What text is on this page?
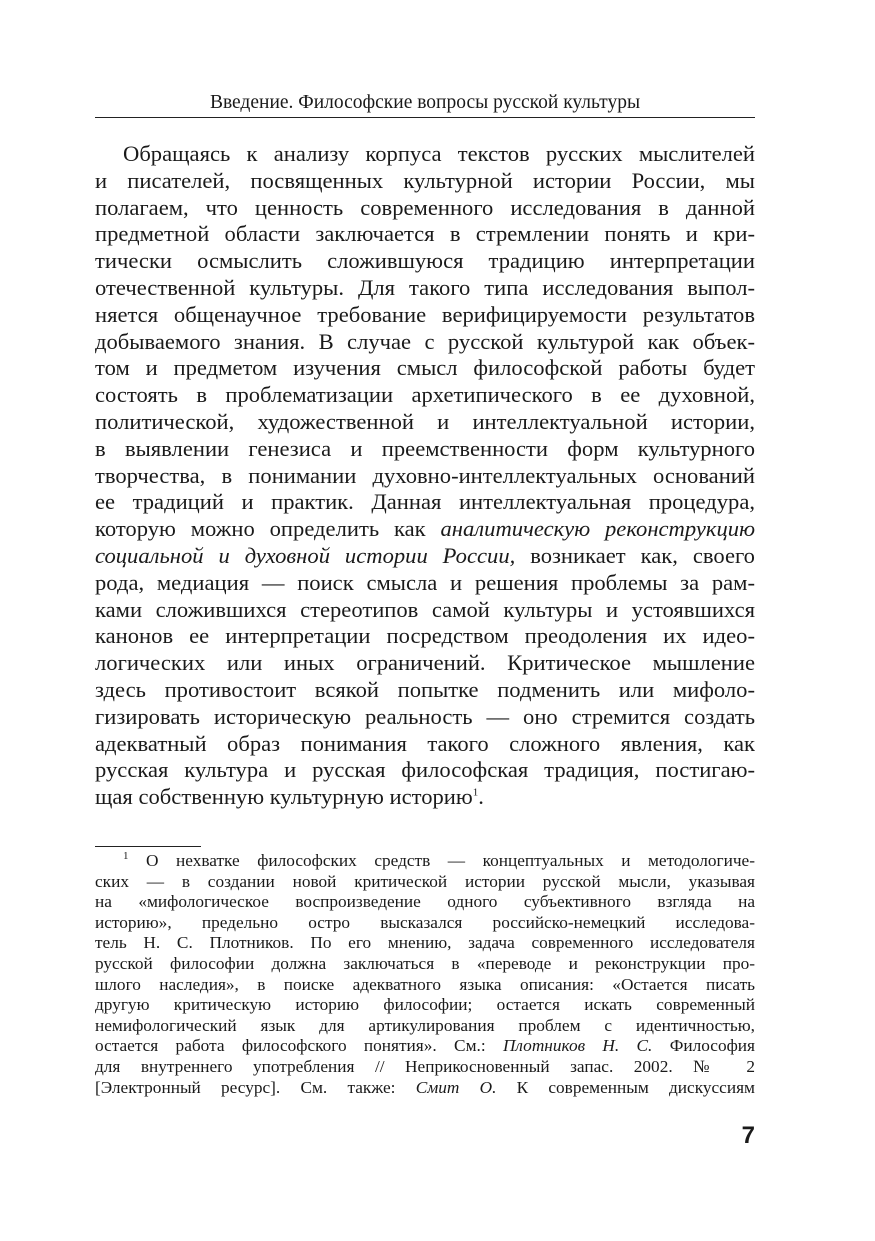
Введение. Философские вопросы русской культуры
Обращаясь к анализу корпуса текстов русских мыслителей
и писателей, посвященных культурной истории России, мы
полагаем, что ценность современного исследования в данной
предметной области заключается в стремлении понять и кри-
тически осмыслить сложившуюся традицию интерпретации
отечественной культуры. Для такого типа исследования выпол-
няется общенаучное требование верифицируемости результатов
добываемого знания. В случае с русской культурой как объек-
том и предметом изучения смысл философской работы будет
состоять в проблематизации архетипического в ее духовной,
политической, художественной и интеллектуальной истории,
в выявлении генезиса и преемственности форм культурного
творчества, в понимании духовно-интеллектуальных оснований
ее традиций и практик. Данная интеллектуальная процедура,
которую можно определить как аналитическую реконструкцию
социальной и духовной истории России, возникает как, своего
рода, медиация — поиск смысла и решения проблемы за рам-
ками сложившихся стереотипов самой культуры и устоявшихся
канонов ее интерпретации посредством преодоления их идео-
логических или иных ограничений. Критическое мышление
здесь противостоит всякой попытке подменить или мифоло-
гизировать историческую реальность — оно стремится создать
адекватный образ понимания такого сложного явления, как
русская культура и русская философская традиция, постигаю-
щая собственную культурную историю$^1$.
$^1$ О нехватке философских средств — концептуальных и методологиче-
ских — в создании новой критической истории русской мысли, указывая
на «мифологическое воспроизведение одного субъективного взгляда на
историю», предельно остро высказался российско-немецкий исследова-
тель Н. С. Плотников. По его мнению, задача современного исследователя
русской философии должна заключаться в «переводе и реконструкции про-
шлого наследия», в поиске адекватного языка описания: «Остается писать
другую критическую историю философии; остается искать современный
немифологический язык для артикулирования проблем с идентичностью,
остается работа философского понятия». См.: Плотников Н. С. Философия
для внутреннего употребления // Неприкосновенный запас. 2002. № 2
[Электронный ресурс]. См. также: Смит О. К современным дискуссиям
7
